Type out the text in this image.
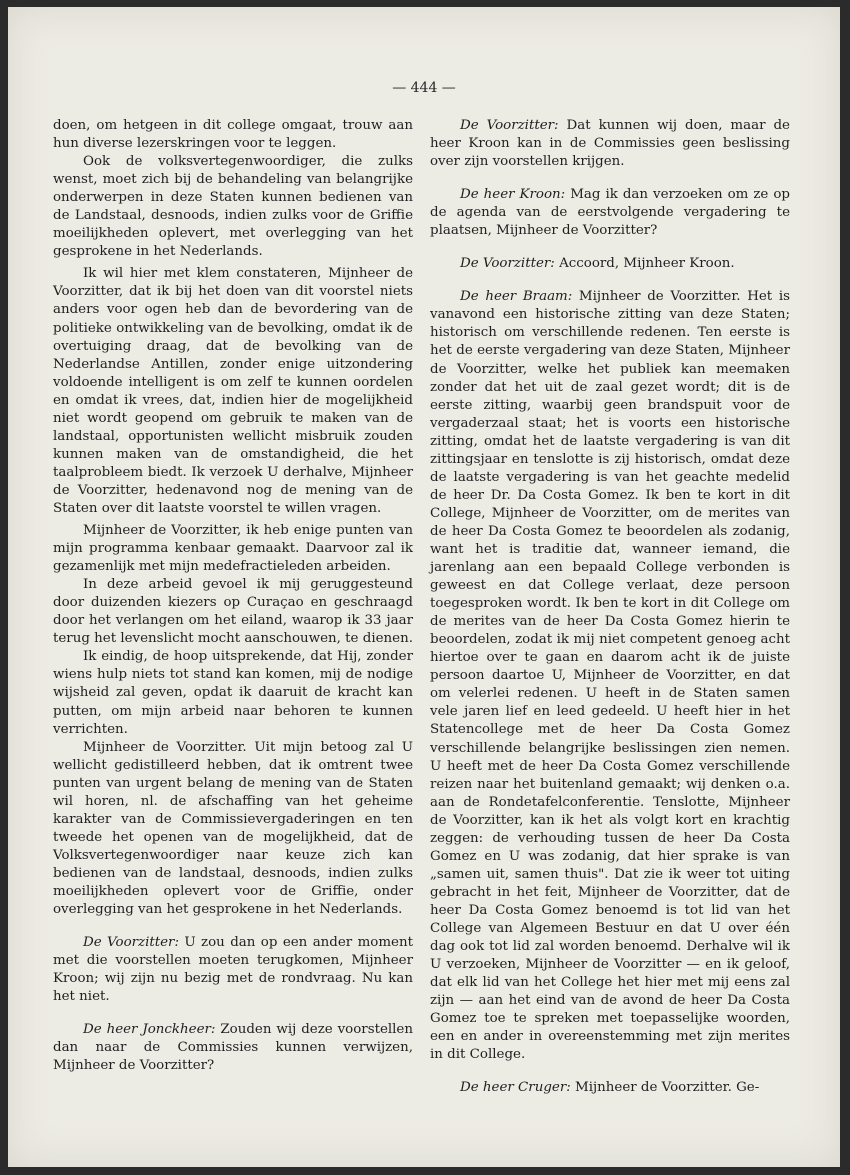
— 444 —

doen, om hetgeen in dit college omgaat, trouw aan hun diverse lezerskringen voor te leggen.

Ook de volksvertegenwoordiger, die zulks wenst, moet zich bij de behandeling van belangrijke onderwerpen in deze Staten kunnen bedienen van de Landstaal, desnoods, indien zulks voor de Griffie moeilijkheden oplevert, met overlegging van het gesprokene in het Nederlands.

Ik wil hier met klem constateren, Mijnheer de Voorzitter, dat ik bij het doen van dit voorstel niets anders voor ogen heb dan de bevordering van de politieke ontwikkeling van de bevolking, omdat ik de overtuiging draag, dat de bevolking van de Nederlandse Antillen, zonder enige uitzondering voldoende intelligent is om zelf te kunnen oordelen en omdat ik vrees, dat, indien hier de mogelijkheid niet wordt geopend om gebruik te maken van de landstaal, opportunisten wellicht misbruik zouden kunnen maken van de omstandigheid, die het taalprobleem biedt. Ik verzoek U derhalve, Mijnheer de Voorzitter, hedenavond nog de mening van de Staten over dit laatste voorstel te willen vragen.

Mijnheer de Voorzitter, ik heb enige punten van mijn programma kenbaar gemaakt. Daarvoor zal ik gezamenlijk met mijn medefractieleden arbeiden.

In deze arbeid gevoel ik mij geruggesteund door duizenden kiezers op Curaçao en geschraagd door het verlangen om het eiland, waarop ik 33 jaar terug het levenslicht mocht aanschouwen, te dienen.

Ik eindig, de hoop uitsprekende, dat Hij, zonder wiens hulp niets tot stand kan komen, mij de nodige wijsheid zal geven, opdat ik daaruit de kracht kan putten, om mijn arbeid naar behoren te kunnen verrichten.

Mijnheer de Voorzitter. Uit mijn betoog zal U wellicht gedistilleerd hebben, dat ik omtrent twee punten van urgent belang de mening van de Staten wil horen, nl. de afschaffing van het geheime karakter van de Commissievergaderingen en ten tweede het openen van de mogelijkheid, dat de Volksvertegenwoordiger naar keuze zich kan bedienen van de landstaal, desnoods, indien zulks moeilijkheden oplevert voor de Griffie, onder overlegging van het gesprokene in het Nederlands.

De Voorzitter: U zou dan op een ander moment met die voorstellen moeten terugkomen, Mijnheer Kroon; wij zijn nu bezig met de rondvraag. Nu kan het niet.

De heer Jonckheer: Zouden wij deze voorstellen dan naar de Commissies kunnen verwijzen, Mijnheer de Voorzitter?

De Voorzitter: Dat kunnen wij doen, maar de heer Kroon kan in de Commissies geen beslissing over zijn voorstellen krijgen.

De heer Kroon: Mag ik dan verzoeken om ze op de agenda van de eerstvolgende vergadering te plaatsen, Mijnheer de Voorzitter?

De Voorzitter: Accoord, Mijnheer Kroon.

De heer Braam: Mijnheer de Voorzitter. Het is vanavond een historische zitting van deze Staten; historisch om verschillende redenen. Ten eerste is het de eerste vergadering van deze Staten, Mijnheer de Voorzitter, welke het publiek kan meemaken zonder dat het uit de zaal gezet wordt; dit is de eerste zitting, waarbij geen brandspuit voor de vergaderzaal staat; het is voorts een historische zitting, omdat het de laatste vergadering is van dit zittingsjaar en tenslotte is zij historisch, omdat deze de laatste vergadering is van het geachte medelid de heer Dr. Da Costa Gomez. Ik ben te kort in dit College, Mijnheer de Voorzitter, om de merites van de heer Da Costa Gomez te beoordelen als zodanig, want het is traditie dat, wanneer iemand, die jarenlang aan een bepaald College verbonden is geweest en dat College verlaat, deze persoon toegesproken wordt. Ik ben te kort in dit College om de merites van de heer Da Costa Gomez hierin te beoordelen, zodat ik mij niet competent genoeg acht hiertoe over te gaan en daarom acht ik de juiste persoon daartoe U, Mijnheer de Voorzitter, en dat om velerlei redenen. U heeft in de Staten samen vele jaren lief en leed gedeeld. U heeft hier in het Statencollege met de heer Da Costa Gomez verschillende belangrijke beslissingen zien nemen. U heeft met de heer Da Costa Gomez verschillende reizen naar het buitenland gemaakt; wij denken o.a. aan de Rondetafelconferentie. Tenslotte, Mijnheer de Voorzitter, kan ik het als volgt kort en krachtig zeggen: de verhouding tussen de heer Da Costa Gomez en U was zodanig, dat hier sprake is van „samen uit, samen thuis". Dat zie ik weer tot uiting gebracht in het feit, Mijnheer de Voorzitter, dat de heer Da Costa Gomez benoemd is tot lid van het College van Algemeen Bestuur en dat U over één dag ook tot lid zal worden benoemd. Derhalve wil ik U verzoeken, Mijnheer de Voorzitter — en ik geloof, dat elk lid van het College het hier met mij eens zal zijn — aan het eind van de avond de heer Da Costa Gomez toe te spreken met toepasselijke woorden, een en ander in overeenstemming met zijn merites in dit College.

De heer Cruger: Mijnheer de Voorzitter. Ge-
